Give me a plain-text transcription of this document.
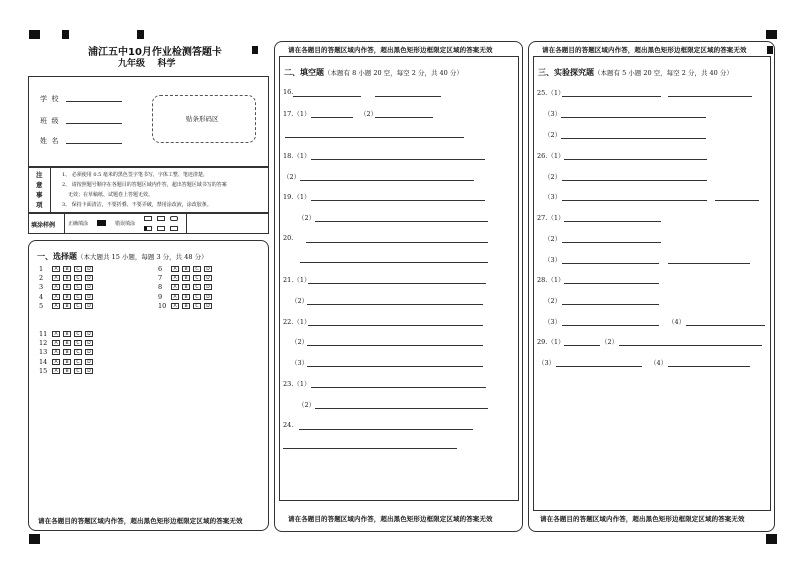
浦江五中10月作业检测答题卡
九年级    科学
学  校
班  级
姓  名
贴条形码区
注
意
事
项
1、 必须使用 0.5 毫米的黑色签字笔书写，字体工整、笔迹清楚。
2、 请按照题号顺序在各题目的答题区域内作答，超出答题区域书写的答案
无效；在草稿纸、试题卷上答题无效。
3、 保持卡面清洁，不要折叠、不要弄破，禁用涂改液，涂改胶条。
填涂样例	正确填涂	错误填涂
一、选择题（本大题共 15 小题，每题 3 分，共 48 分）
1	A	B	C	D
2	A	B	C	D
3	A	B	C	D
4	A	B	C	D
5	A	B	C	D
6	A	B	C	D
7	A	B	C	D
8	A	B	C	D
9	A	B	C	D
10	A	B	C	D
11	A	B	C	D
12	A	B	C	D
13	A	B	C	D
14	A	B	C	D
15	A	B	C	D
请在各题目的答题区域内作答，超出黑色矩形边框限定区域的答案无效
请在各题目的答题区域内作答，超出黑色矩形边框限定区域的答案无效
二、填空题（本题有 8 小题 20 空，每空 2 分，共 40 分）
请在各题目的答题区域内作答，超出黑色矩形边框限定区域的答案无效
16.
17.（1）	（2）
18.（1）
（2）
19.（1）
（2）
20.
21.（1）
（2）
22.（1）
（2）
（3）
23.（1）
（2）
24.
请在各题目的答题区域内作答，超出黑色矩形边框限定区域的答案无效
三、实验探究题（本题有 5 小题 20 空，每空 2 分，共 40 分）
请在各题目的答题区域内作答，超出黑色矩形边框限定区域的答案无效
25.（1）
（2）
（3）
26.（1）
（2）
（3）
27.（1）
（2）
（3）
28.（1）
（2）
（3）	（4）
29.（1）	（2）
（3）	（4）
